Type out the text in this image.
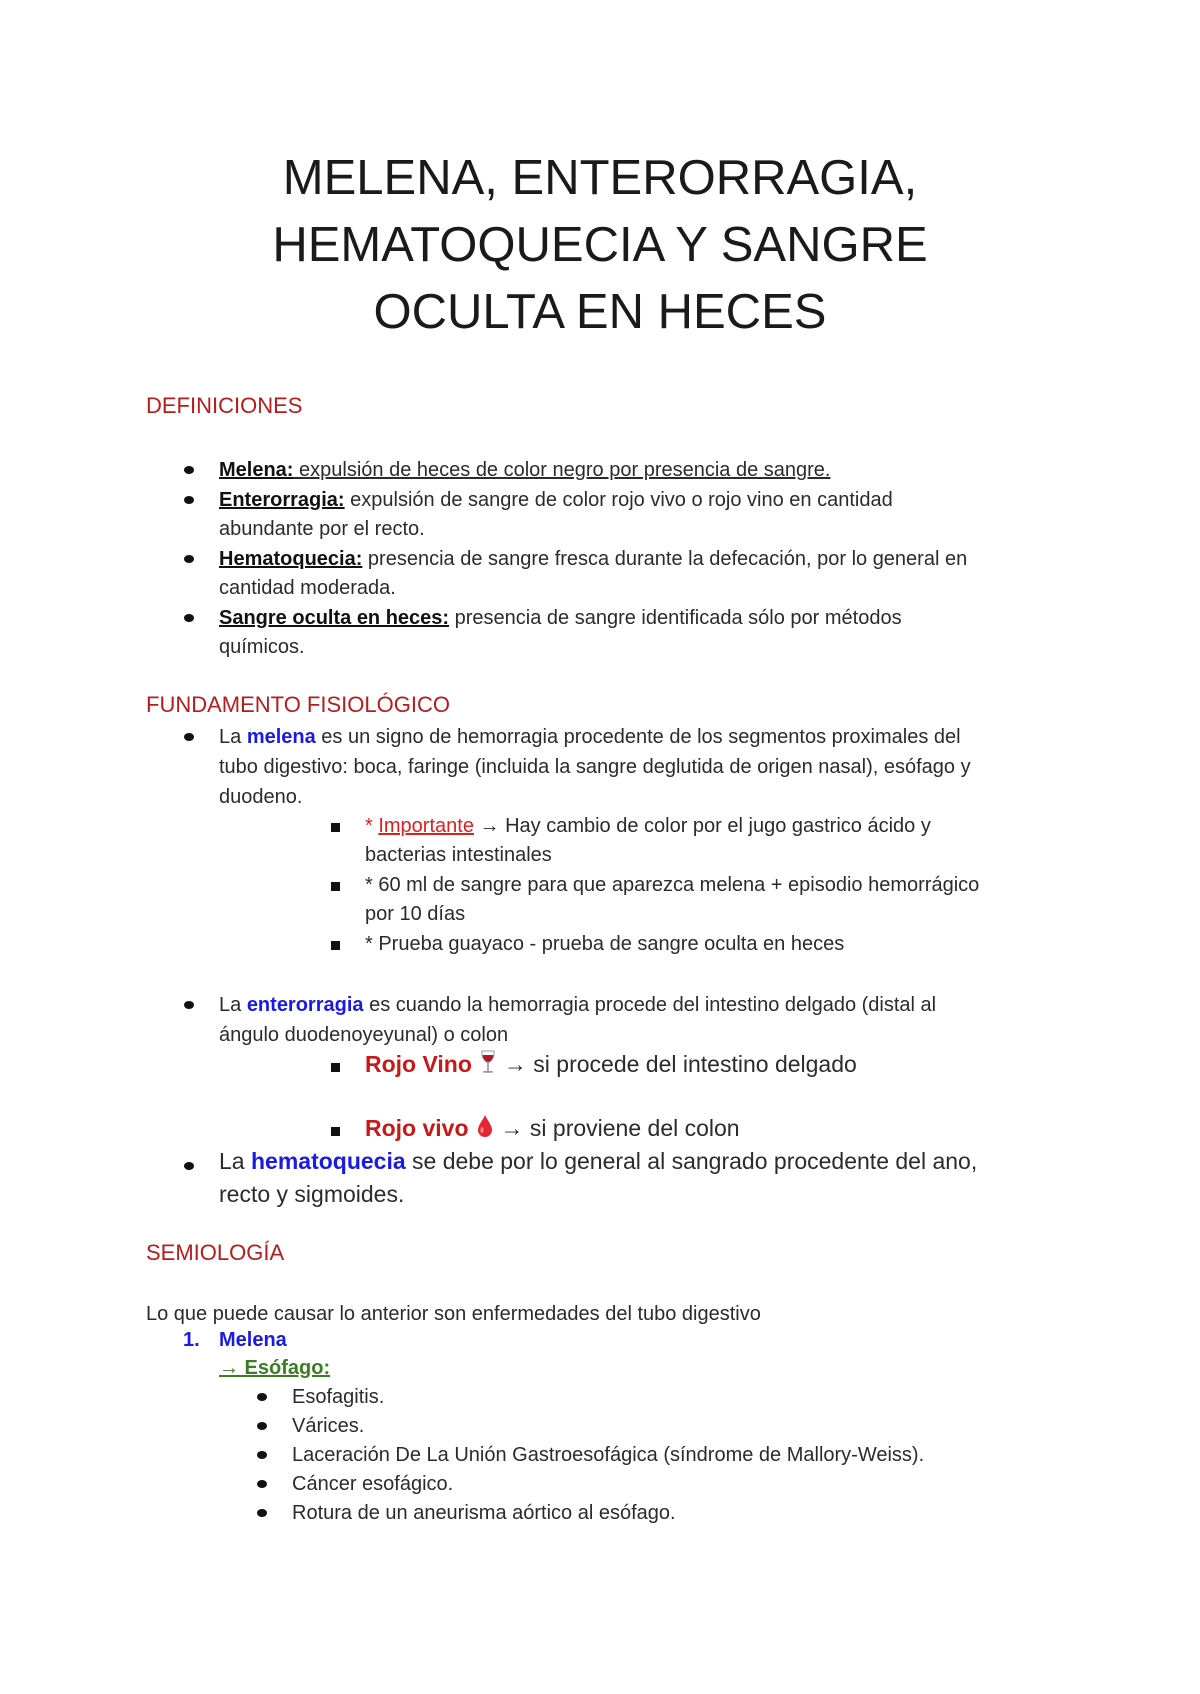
MELENA, ENTERORRAGIA,
HEMATOQUECIA Y SANGRE
OCULTA EN HECES
DEFINICIONES
Melena: expulsión de heces de color negro por presencia de sangre.
Enterorragia: expulsión de sangre de color rojo vivo o rojo vino en cantidad
abundante por el recto.
Hematoquecia: presencia de sangre fresca durante la defecación, por lo general en
cantidad moderada.
Sangre oculta en heces: presencia de sangre identificada sólo por métodos
químicos.
FUNDAMENTO FISIOLÓGICO
La melena es un signo de hemorragia procedente de los segmentos proximales del
tubo digestivo: boca, faringe (incluida la sangre deglutida de origen nasal), esófago y
duodeno.
* Importante → Hay cambio de color por el jugo gastrico ácido y
bacterias intestinales
* 60 ml de sangre para que aparezca melena + episodio hemorrágico
por 10 días
* Prueba guayaco - prueba de sangre oculta en heces
La enterorragia es cuando la hemorragia procede del intestino delgado (distal al
ángulo duodenoyeyunal) o colon
Rojo Vino → si procede del intestino delgado
Rojo vivo → si proviene del colon
La hematoquecia se debe por lo general al sangrado procedente del ano,
recto y sigmoides.
SEMIOLOGÍA
Lo que puede causar lo anterior son enfermedades del tubo digestivo
1. Melena
→ Esófago:
Esofagitis.
Várices.
Laceración De La Unión Gastroesofágica (síndrome de Mallory-Weiss).
Cáncer esofágico.
Rotura de un aneurisma aórtico al esófago.
